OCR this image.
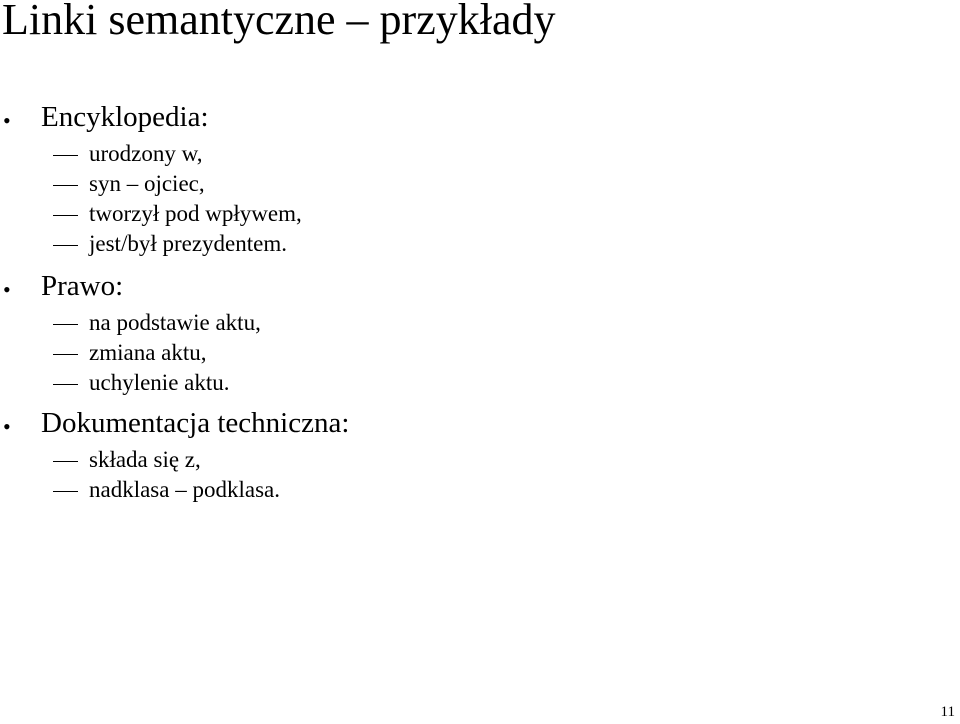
Linki semantyczne – przykłady
• Encyklopedia:
urodzony w,
syn – ojciec,
tworzył pod wpływem,
jest/był prezydentem.
• Prawo:
na podstawie aktu,
zmiana aktu,
uchylenie aktu.
• Dokumentacja techniczna:
składa się z,
nadklasa – podklasa.
11
